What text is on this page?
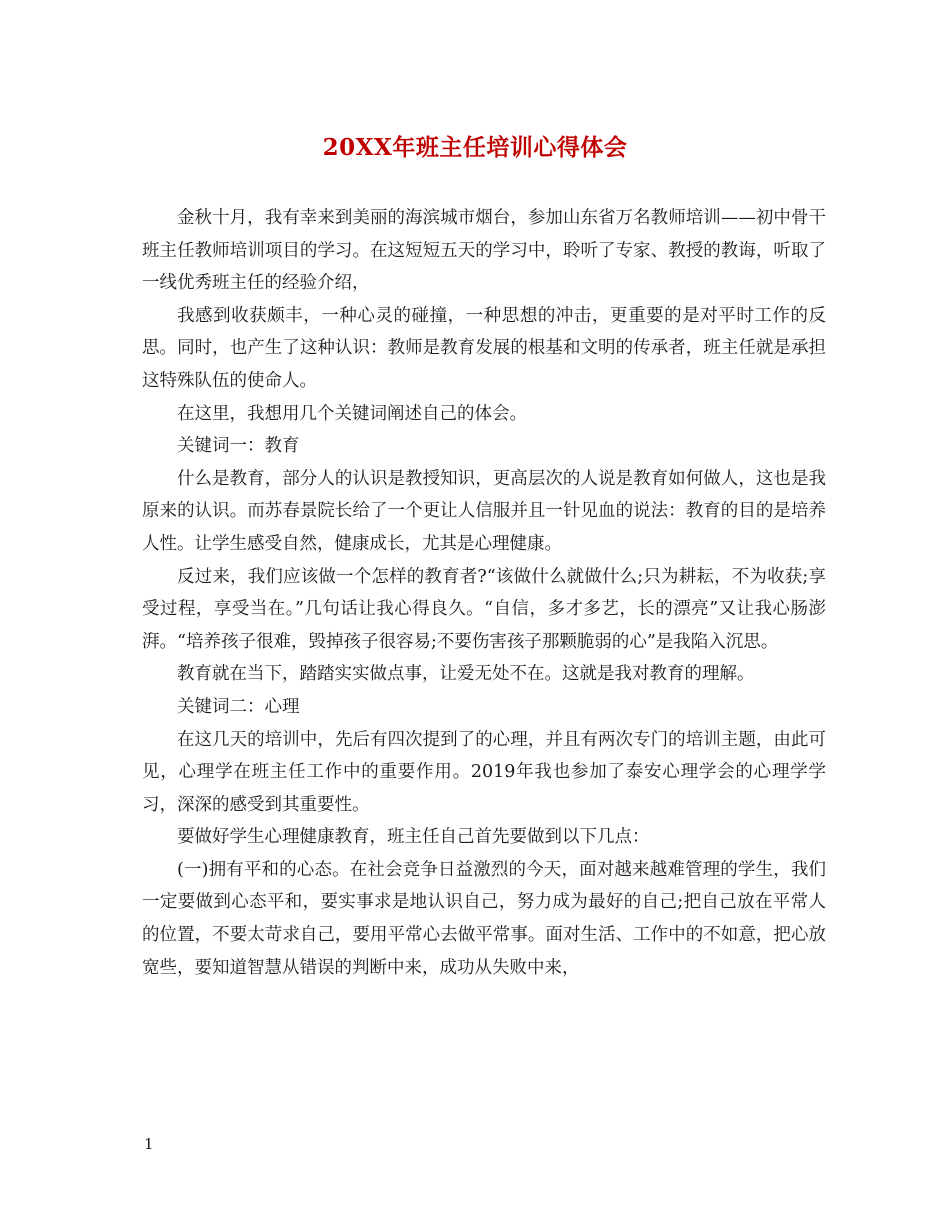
20XX年班主任培训心得体会

金秋十月，我有幸来到美丽的海滨城市烟台，参加山东省万名教师培训——初中骨干班主任教师培训项目的学习。在这短短五天的学习中，聆听了专家、教授的教诲，听取了一线优秀班主任的经验介绍，

我感到收获颇丰，一种心灵的碰撞，一种思想的冲击，更重要的是对平时工作的反思。同时，也产生了这种认识：教师是教育发展的根基和文明的传承者，班主任就是承担这特殊队伍的使命人。

在这里，我想用几个关键词阐述自己的体会。

关键词一：教育

什么是教育，部分人的认识是教授知识，更高层次的人说是教育如何做人，这也是我原来的认识。而苏春景院长给了一个更让人信服并且一针见血的说法：教育的目的是培养人性。让学生感受自然，健康成长，尤其是心理健康。

反过来，我们应该做一个怎样的教育者?“该做什么就做什么;只为耕耘，不为收获;享受过程，享受当在。”几句话让我心得良久。“自信，多才多艺，长的漂亮”又让我心肠澎湃。“培养孩子很难，毁掉孩子很容易;不要伤害孩子那颗脆弱的心”是我陷入沉思。

教育就在当下，踏踏实实做点事，让爱无处不在。这就是我对教育的理解。

关键词二：心理

在这几天的培训中，先后有四次提到了的心理，并且有两次专门的培训主题，由此可见，心理学在班主任工作中的重要作用。2019年我也参加了泰安心理学会的心理学学习，深深的感受到其重要性。

要做好学生心理健康教育，班主任自己首先要做到以下几点：

(一)拥有平和的心态。在社会竞争日益激烈的今天，面对越来越难管理的学生，我们一定要做到心态平和，要实事求是地认识自己，努力成为最好的自己;把自己放在平常人的位置，不要太苛求自己，要用平常心去做平常事。面对生活、工作中的不如意，把心放宽些，要知道智慧从错误的判断中来，成功从失败中来，

1
